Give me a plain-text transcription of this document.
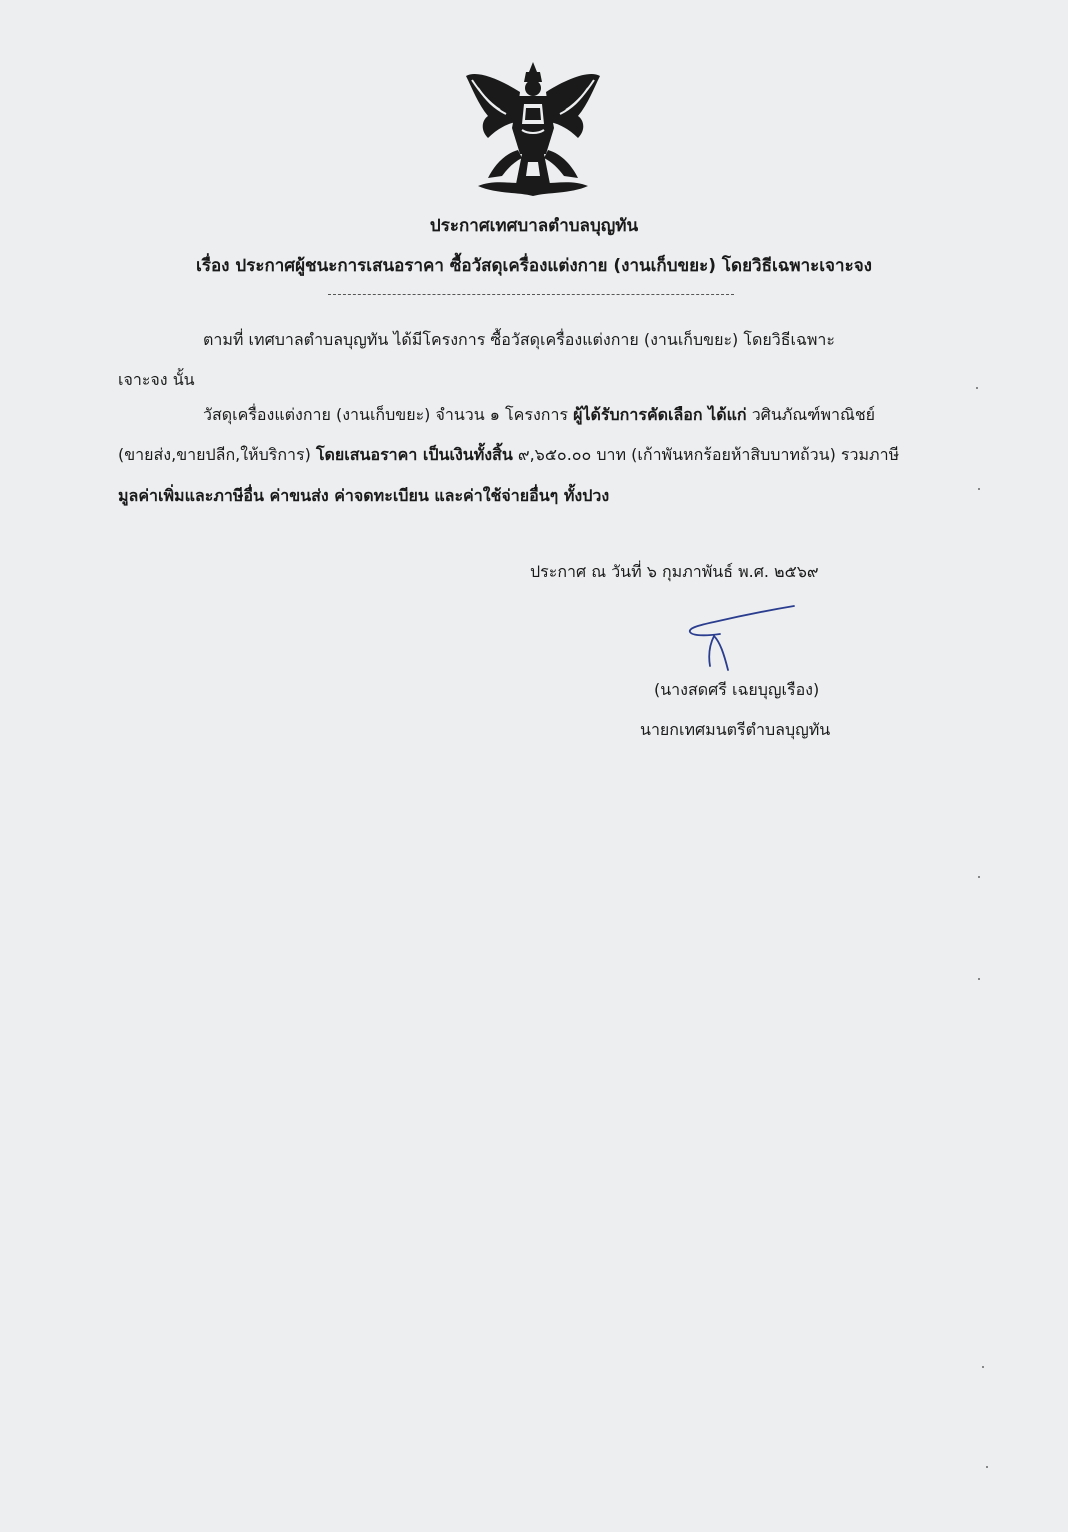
ประกาศเทศบาลตำบลบุญทัน
เรื่อง ประกาศผู้ชนะการเสนอราคา ซื้อวัสดุเครื่องแต่งกาย (งานเก็บขยะ) โดยวิธีเฉพาะเจาะจง
ตามที่ เทศบาลตำบลบุญทัน ได้มีโครงการ ซื้อวัสดุเครื่องแต่งกาย (งานเก็บขยะ) โดยวิธีเฉพาะ
เจาะจง นั้น
วัสดุเครื่องแต่งกาย (งานเก็บขยะ) จำนวน ๑ โครงการ ผู้ได้รับการคัดเลือก ได้แก่ วศินภัณฑ์พาณิชย์
(ขายส่ง,ขายปลีก,ให้บริการ) โดยเสนอราคา เป็นเงินทั้งสิ้น ๙,๖๕๐.๐๐ บาท (เก้าพันหกร้อยห้าสิบบาทถ้วน) รวมภาษี
มูลค่าเพิ่มและภาษีอื่น ค่าขนส่ง ค่าจดทะเบียน และค่าใช้จ่ายอื่นๆ ทั้งปวง
ประกาศ ณ วันที่ ๖ กุมภาพันธ์ พ.ศ. ๒๕๖๙
(นางสดศรี เฉยบุญเรือง)
นายกเทศมนตรีตำบลบุญทัน
